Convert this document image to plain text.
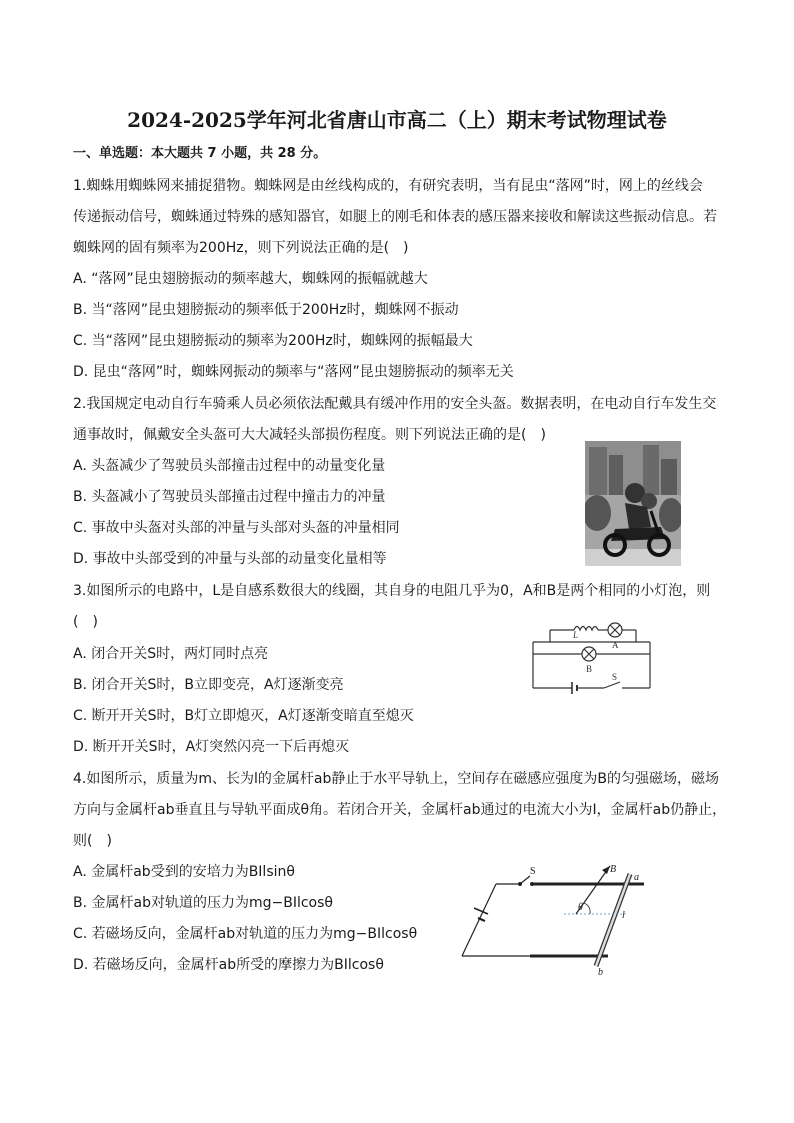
2024-2025学年河北省唐山市高二（上）期末考试物理试卷
一、单选题：本大题共 7 小题，共 28 分。
1.蜘蛛用蜘蛛网来捕捉猎物。蜘蛛网是由丝线构成的，有研究表明，当有昆虫“落网”时，网上的丝线会
传递振动信号，蜘蛛通过特殊的感知器官，如腿上的刚毛和体表的感压器来接收和解读这些振动信息。若
蜘蛛网的固有频率为200Hz，则下列说法正确的是(　)
A. “落网”昆虫翅膀振动的频率越大，蜘蛛网的振幅就越大
B. 当“落网”昆虫翅膀振动的频率低于200Hz时，蜘蛛网不振动
C. 当“落网”昆虫翅膀振动的频率为200Hz时，蜘蛛网的振幅最大
D. 昆虫“落网”时，蜘蛛网振动的频率与“落网”昆虫翅膀振动的频率无关
2.我国规定电动自行车骑乘人员必须依法配戴具有缓冲作用的安全头盔。数据表明，在电动自行车发生交
通事故时，佩戴安全头盔可大大减轻头部损伤程度。则下列说法正确的是(　)
A. 头盔减少了驾驶员头部撞击过程中的动量变化量
B. 头盔减小了驾驶员头部撞击过程中撞击力的冲量
C. 事故中头盔对头部的冲量与头部对头盔的冲量相同
D. 事故中头部受到的冲量与头部的动量变化量相等
3.如图所示的电路中，L是自感系数很大的线圈，其自身的电阻几乎为0，A和B是两个相同的小灯泡，则
(　)
A. 闭合开关S时，两灯同时点亮
B. 闭合开关S时，B立即变亮，A灯逐渐变亮
C. 断开开关S时，B灯立即熄灭，A灯逐渐变暗直至熄灭
D. 断开开关S时，A灯突然闪亮一下后再熄灭
L
A
B
S
4.如图所示，质量为m、长为l的金属杆ab静止于水平导轨上，空间存在磁感应强度为B的匀强磁场，磁场
方向与金属杆ab垂直且与导轨平面成θ角。若闭合开关，金属杆ab通过的电流大小为I，金属杆ab仍静止，
则(　)
A. 金属杆ab受到的安培力为BIlsinθ
B. 金属杆ab对轨道的压力为mg−BIlcosθ
C. 若磁场反向，金属杆ab对轨道的压力为mg−BIlcosθ
D. 若磁场反向，金属杆ab所受的摩擦力为BIlcosθ
S	B
θ
l
a
b
